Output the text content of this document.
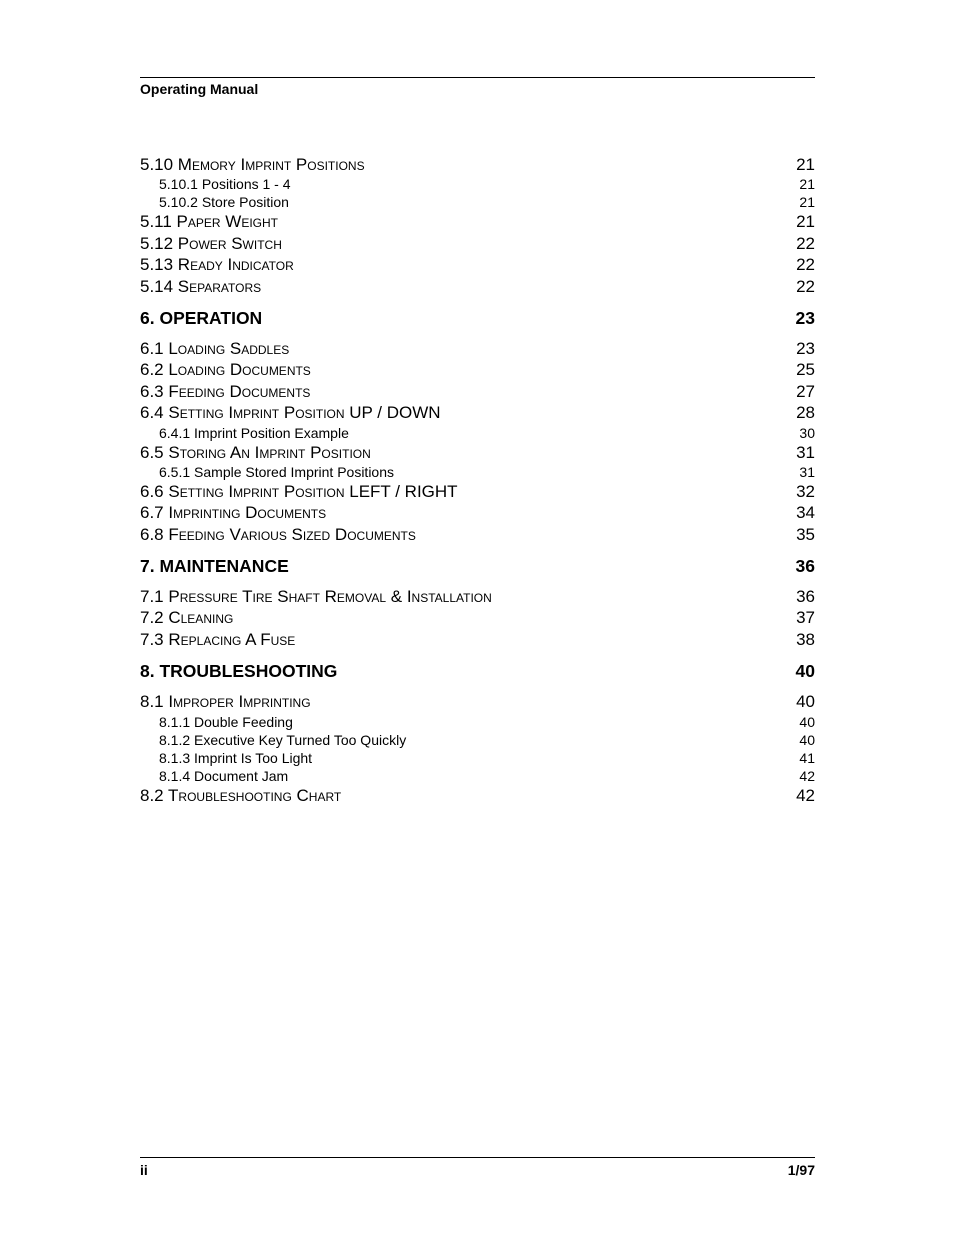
Operating Manual
5.10 Memory Imprint Positions	21
5.10.1 Positions 1 - 4	21
5.10.2 Store Position	21
5.11 Paper Weight	21
5.12 Power Switch	22
5.13 Ready Indicator	22
5.14 Separators	22
6. OPERATION	23
6.1 Loading Saddles	23
6.2 Loading Documents	25
6.3 Feeding Documents	27
6.4 Setting Imprint Position UP / DOWN	28
6.4.1 Imprint Position Example	30
6.5 Storing An Imprint Position	31
6.5.1 Sample Stored Imprint Positions	31
6.6 Setting Imprint Position LEFT / RIGHT	32
6.7 Imprinting Documents	34
6.8 Feeding Various Sized Documents	35
7. MAINTENANCE	36
7.1 Pressure Tire Shaft Removal & Installation	36
7.2 Cleaning	37
7.3 Replacing A Fuse	38
8. TROUBLESHOOTING	40
8.1 Improper Imprinting	40
8.1.1 Double Feeding	40
8.1.2 Executive Key Turned Too Quickly	40
8.1.3 Imprint Is Too Light	41
8.1.4 Document Jam	42
8.2 Troubleshooting Chart	42
ii	1/97
